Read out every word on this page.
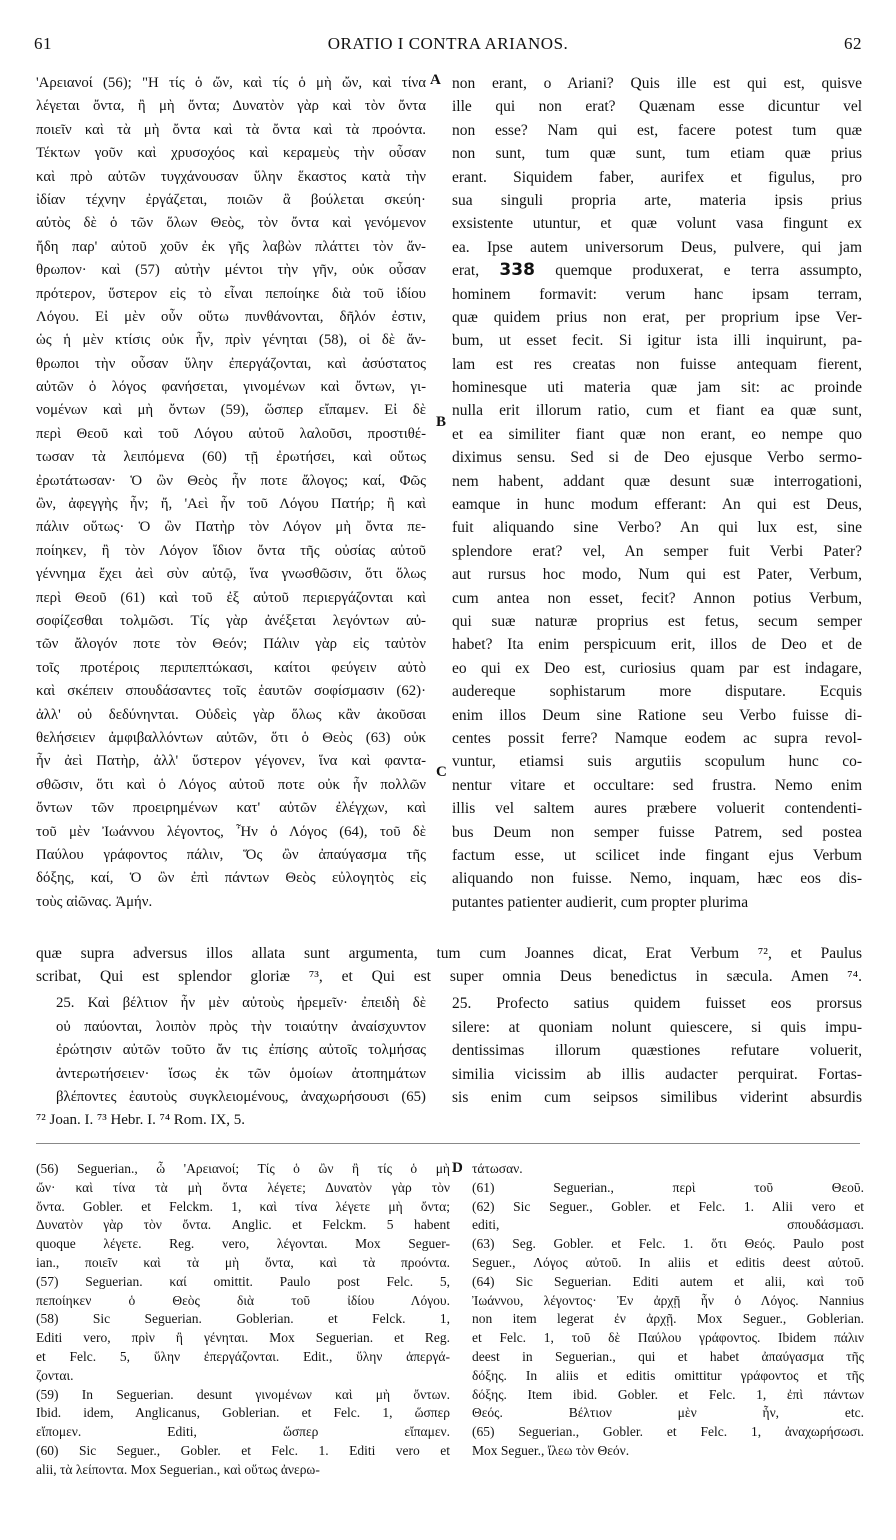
61	ORATIO I CONTRA ARIANOS.	62
A
B
C
D
'Αρειανοί (56); "Η τίς ὁ ὤν, καὶ τίς ὁ μὴ ὤν, καὶ τίνα
λέγεται ὄντα, ἢ μὴ ὄντα; Δυνατὸν γὰρ καὶ τὸν ὄντα
ποιεῖν καὶ τὰ μὴ ὄντα καὶ τὰ ὄντα καὶ τὰ προόντα.
Τέκτων γοῦν καὶ χρυσοχόος καὶ κεραμεὺς τὴν οὖσαν
καὶ πρὸ αὐτῶν τυγχάνουσαν ὕλην ἕκαστος κατὰ τὴν
ἰδίαν τέχνην ἐργάζεται, ποιῶν ἃ βούλεται σκεύη·
αὐτὸς δὲ ὁ τῶν ὅλων Θεὸς, τὸν ὄντα καὶ γενόμενον
ἤδη παρ' αὐτοῦ χοῦν ἐκ γῆς λαβὼν πλάττει τὸν ἄν-
θρωπον· καὶ (57) αὐτὴν μέντοι τὴν γῆν, οὐκ οὖσαν
πρότερον, ὕστερον εἰς τὸ εἶναι πεποίηκε διὰ τοῦ ἰδίου
Λόγου. Εἰ μὲν οὖν οὕτω πυνθάνονται, δῆλόν ἐστιν,
ὡς ἡ μὲν κτίσις οὐκ ἦν, πρὶν γένηται (58), οἱ δὲ ἄν-
θρωποι τὴν οὖσαν ὕλην ἐπεργάζονται, καὶ ἀσύστατος
αὐτῶν ὁ λόγος φανήσεται, γινομένων καὶ ὄντων, γι-
νομένων καὶ μὴ ὄντων (59), ὥσπερ εἴπαμεν. Εἰ δὲ
περὶ Θεοῦ καὶ τοῦ Λόγου αὐτοῦ λαλοῦσι, προστιθέ-
τωσαν τὰ λειπόμενα (60) τῇ ἐρωτήσει, καὶ οὕτως
ἐρωτάτωσαν· Ὁ ὢν Θεὸς ἦν ποτε ἄλογος; καί, Φῶς
ὢν, ἀφεγγὴς ἦν; ἤ, 'Αεὶ ἦν τοῦ Λόγου Πατήρ; ἢ καὶ
πάλιν οὕτως· Ὁ ὢν Πατὴρ τὸν Λόγον μὴ ὄντα πε-
ποίηκεν, ἢ τὸν Λόγον ἴδιον ὄντα τῆς οὐσίας αὐτοῦ
γέννημα ἔχει ἀεὶ σὺν αὐτῷ, ἵνα γνωσθῶσιν, ὅτι ὅλως
περὶ Θεοῦ (61) καὶ τοῦ ἐξ αὐτοῦ περιεργάζονται καὶ
σοφίζεσθαι τολμῶσι. Τίς γὰρ ἀνέξεται λεγόντων αὐ-
τῶν ἄλογόν ποτε τὸν Θεόν; Πάλιν γὰρ εἰς ταὐτὸν
τοῖς προτέροις περιπεπτώκασι, καίτοι φεύγειν αὐτὸ
καὶ σκέπειν σπουδάσαντες τοῖς ἑαυτῶν σοφίσμασιν (62)·
ἀλλ' οὐ δεδύνηνται. Οὐδεὶς γὰρ ὅλως κἂν ἀκοῦσαι
θελήσειεν ἀμφιβαλλόντων αὐτῶν, ὅτι ὁ Θεὸς (63) οὐκ
ἦν ἀεὶ Πατὴρ, ἀλλ' ὕστερον γέγονεν, ἵνα καὶ φαντα-
σθῶσιν, ὅτι καὶ ὁ Λόγος αὐτοῦ ποτε οὐκ ἦν πολλῶν
ὄντων τῶν προειρημένων κατ' αὐτῶν ἐλέγχων, καὶ
τοῦ μὲν Ἰωάννου λέγοντος, Ἦν ὁ Λόγος (64), τοῦ δὲ
Παύλου γράφοντος πάλιν, Ὅς ὢν ἀπαύγασμα τῆς
δόξης, καί, Ὁ ὢν ἐπὶ πάντων Θεὸς εὐλογητὸς εἰς
τοὺς αἰῶνας. Ἀμήν.
non erant, o Ariani? Quis ille est qui est, quisve
ille qui non erat? Quænam esse dicuntur vel
non esse? Nam qui est, facere potest tum quæ
non sunt, tum quæ sunt, tum etiam quæ prius
erant. Siquidem faber, aurifex et figulus, pro
sua singuli propria arte, materia ipsis prius
exsistente utuntur, et quæ volunt vasa fingunt ex
ea. Ipse autem universorum Deus, pulvere, qui jam
erat, 338 quemque produxerat, e terra assumpto,
hominem formavit: verum hanc ipsam terram,
quæ quidem prius non erat, per proprium ipse Ver-
bum, ut esset fecit. Si igitur ista illi inquirunt, pa-
lam est res creatas non fuisse antequam fierent,
hominesque uti materia quæ jam sit: ac proinde
nulla erit illorum ratio, cum et fiant ea quæ sunt,
et ea similiter fiant quæ non erant, eo nempe quo
diximus sensu. Sed si de Deo ejusque Verbo sermo-
nem habent, addant quæ desunt suæ interrogationi,
eamque in hunc modum efferant: An qui est Deus,
fuit aliquando sine Verbo? An qui lux est, sine
splendore erat? vel, An semper fuit Verbi Pater?
aut rursus hoc modo, Num qui est Pater, Verbum,
cum antea non esset, fecit? Annon potius Verbum,
qui suæ naturæ proprius est fetus, secum semper
habet? Ita enim perspicuum erit, illos de Deo et de
eo qui ex Deo est, curiosius quam par est indagare,
audereque sophistarum more disputare. Ecquis
enim illos Deum sine Ratione seu Verbo fuisse di-
centes possit ferre? Namque eodem ac supra revol-
vuntur, etiamsi suis argutiis scopulum hunc co-
nentur vitare et occultare: sed frustra. Nemo enim
illis vel saltem aures præbere voluerit contendenti-
bus Deum non semper fuisse Patrem, sed postea
factum esse, ut scilicet inde fingant ejus Verbum
aliquando non fuisse. Nemo, inquam, hæc eos dis-
putantes patienter audierit, cum propter plurima
quæ supra adversus illos allata sunt argumenta, tum cum Joannes dicat, Erat Verbum ⁷², et Paulus
scribat, Qui est splendor gloriæ ⁷³, et Qui est super omnia Deus benedictus in sæcula. Amen ⁷⁴.
25. Καὶ βέλτιον ἦν μὲν αὐτοὺς ἠρεμεῖν· ἐπειδὴ δὲ
οὐ παύονται, λοιπὸν πρὸς τὴν τοιαύτην ἀναίσχυντον
ἐρώτησιν αὐτῶν τοῦτο ἄν τις ἐπίσης αὐτοῖς τολμήσας
ἀντερωτήσειεν· ἴσως ἐκ τῶν ὁμοίων ἀτοπημάτων
βλέποντες ἑαυτοὺς συγκλειομένους, ἀναχωρήσουσι (65)
25. Profecto satius quidem fuisset eos prorsus
silere: at quoniam nolunt quiescere, si quis impu-
dentissimas illorum quæstiones refutare voluerit,
similia vicissim ab illis audacter perquirat. Fortas-
sis enim cum seipsos similibus viderint absurdis
⁷² Joan. I. ⁷³ Hebr. I. ⁷⁴ Rom. IX, 5.
(56) Seguerian., ὦ 'Αρειανοί; Τίς ὁ ὢν ἢ τίς ὁ μὴ
ὤν· καὶ τίνα τὰ μὴ ὄντα λέγετε; Δυνατὸν γὰρ τὸν
ὄντα. Gobler. et Felckm. 1, καὶ τίνα λέγετε μὴ ὄντα;
Δυνατὸν γὰρ τὸν ὄντα. Anglic. et Felckm. 5 habent
quoque λέγετε. Reg. vero, λέγονται. Mox Seguer-
ian., ποιεῖν καὶ τὰ μὴ ὄντα, καὶ τὰ προόντα.
(57) Seguerian. καί omittit. Paulo post Felc. 5,
πεποίηκεν ὁ Θεὸς διὰ τοῦ ἰδίου Λόγου.
(58) Sic Seguerian. Goblerian. et Felck. 1,
Editi vero, πρὶν ἢ γένηται. Mox Seguerian. et Reg.
et Felc. 5, ὕλην ἐπεργάζονται. Edit., ὕλην ἀπεργά-
ζονται.
(59) In Seguerian. desunt γινομένων καὶ μὴ ὄντων.
Ibid. idem, Anglicanus, Goblerian. et Felc. 1, ὥσπερ
εἴπομεν. Editi, ὥσπερ εἴπαμεν.
(60) Sic Seguer., Gobler. et Felc. 1. Editi vero et
alii, τὰ λείποντα. Mox Seguerian., καὶ οὕτως ἀνερω-
τάτωσαν.
(61) Seguerian., περὶ τοῦ Θεοῦ.
(62) Sic Seguer., Gobler. et Felc. 1. Alii vero et
editi, σπουδάσμασι.
(63) Seg. Gobler. et Felc. 1. ὅτι Θεός. Paulo post
Seguer., Λόγος αὐτοῦ. In aliis et editis deest αὐτοῦ.
(64) Sic Seguerian. Editi autem et alii, καὶ τοῦ
Ἰωάννου, λέγοντος· Ἐν ἀρχῇ ἦν ὁ Λόγος. Nannius
non item legerat ἐν ἀρχῇ. Mox Seguer., Goblerian.
et Felc. 1, τοῦ δὲ Παύλου γράφοντος. Ibidem πάλιν
deest in Seguerian., qui et habet ἀπαύγασμα τῆς
δόξης. In aliis et editis omittitur γράφοντος et τῆς
δόξης. Item ibid. Gobler. et Felc. 1, ἐπὶ πάντων
Θεός. Βέλτιον μὲν ἦν, etc.
(65) Seguerian., Gobler. et Felc. 1, ἀναχωρήσωσι.
Mox Seguer., ἴλεω τὸν Θεόν.
